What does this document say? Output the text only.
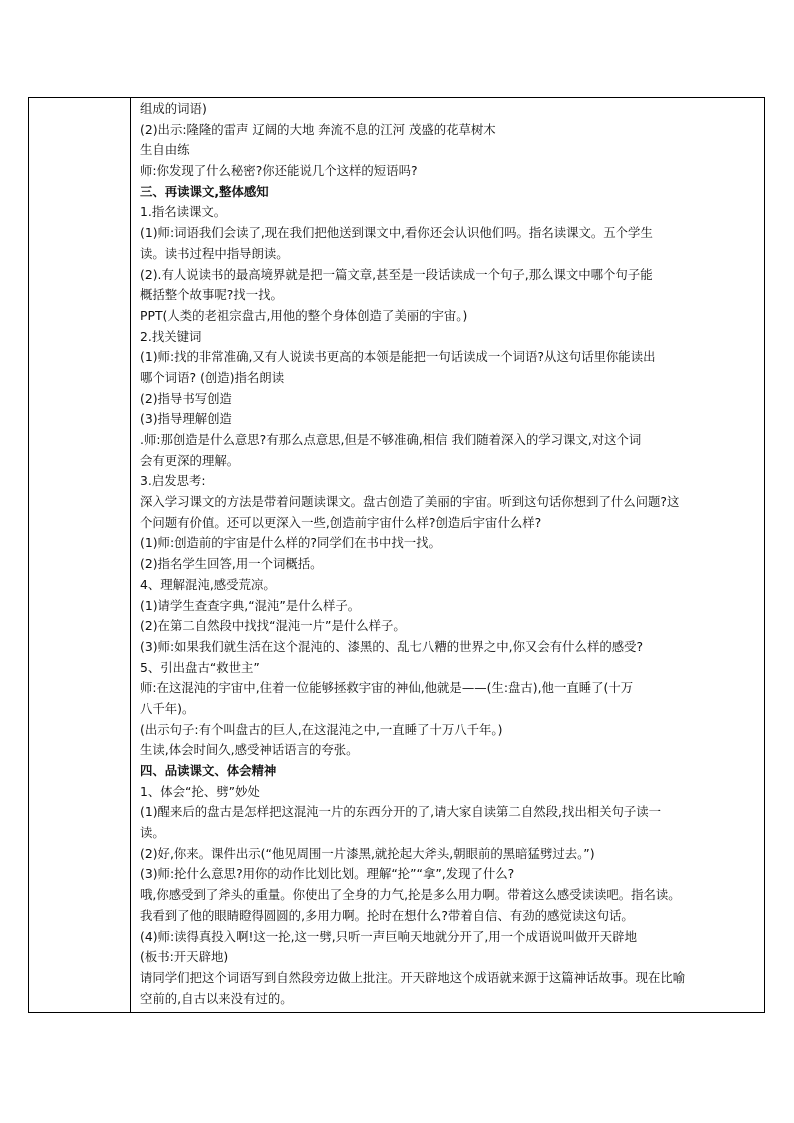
组成的词语)
(2)出示:隆隆的雷声 辽阔的大地 奔流不息的江河 茂盛的花草树木
生自由练
师:你发现了什么秘密?你还能说几个这样的短语吗?
三、再读课文,整体感知
1.指名读课文。
(1)师:词语我们会读了,现在我们把他送到课文中,看你还会认识他们吗。指名读课文。五个学生
读。读书过程中指导朗读。
(2).有人说读书的最高境界就是把一篇文章,甚至是一段话读成一个句子,那么课文中哪个句子能
概括整个故事呢?找一找。
PPT(人类的老祖宗盘古,用他的整个身体创造了美丽的宇宙。)
2.找关键词
(1)师:找的非常准确,又有人说读书更高的本领是能把一句话读成一个词语?从这句话里你能读出
哪个词语? (创造)指名朗读
(2)指导书写创造
(3)指导理解创造
.师:那创造是什么意思?有那么点意思,但是不够准确,相信 我们随着深入的学习课文,对这个词
会有更深的理解。
3.启发思考:
深入学习课文的方法是带着问题读课文。盘古创造了美丽的宇宙。听到这句话你想到了什么问题?这
个问题有价值。还可以更深入一些,创造前宇宙什么样?创造后宇宙什么样?
(1)师:创造前的宇宙是什么样的?同学们在书中找一找。
(2)指名学生回答,用一个词概括。
4、理解混沌,感受荒凉。
(1)请学生查查字典,“混沌”是什么样子。
(2)在第二自然段中找找“混沌一片”是什么样子。
(3)师:如果我们就生活在这个混沌的、漆黑的、乱七八糟的世界之中,你又会有什么样的感受?
5、引出盘古“救世主”
师:在这混沌的宇宙中,住着一位能够拯救宇宙的神仙,他就是——(生:盘古),他一直睡了(十万
八千年)。
(出示句子:有个叫盘古的巨人,在这混沌之中,一直睡了十万八千年。)
生读,体会时间久,感受神话语言的夸张。
四、品读课文、体会精神
1、体会“抡、劈”妙处
(1)醒来后的盘古是怎样把这混沌一片的东西分开的了,请大家自读第二自然段,找出相关句子读一
读。
(2)好,你来。课件出示(“他见周围一片漆黑,就抡起大斧头,朝眼前的黑暗猛劈过去。”)
(3)师:抡什么意思?用你的动作比划比划。理解“抡”“拿”,发现了什么?
哦,你感受到了斧头的重量。你使出了全身的力气,抡是多么用力啊。带着这么感受读读吧。指名读。
我看到了他的眼睛瞪得圆圆的,多用力啊。抡时在想什么?带着自信、有劲的感觉读这句话。
(4)师:读得真投入啊!这一抡,这一劈,只听一声巨响天地就分开了,用一个成语说叫做开天辟地
(板书:开天辟地)
请同学们把这个词语写到自然段旁边做上批注。开天辟地这个成语就来源于这篇神话故事。现在比喻
空前的,自古以来没有过的。
